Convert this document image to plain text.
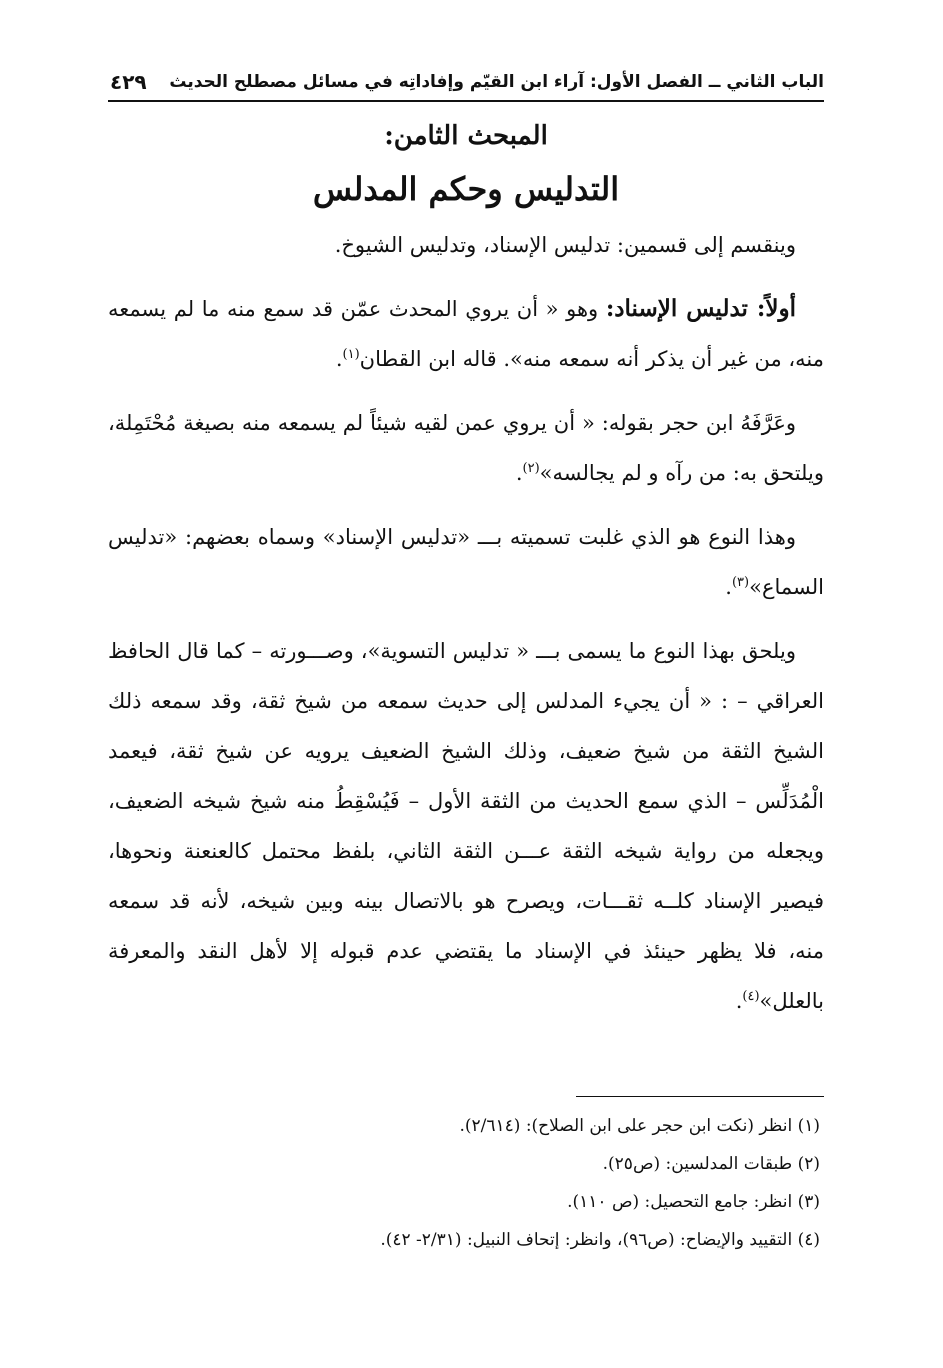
الباب الثاني ــ الفصل الأول: آراء ابن القيّم وإفاداتِه في مسائل مصطلح الحديث
٤٢٩
المبحث الثامن:
التدليس وحكم المدلس

وينقسم إلى قسمين: تدليس الإسناد، وتدليس الشيوخ.

أولاً: تدليس الإسناد: وهو « أن يروي المحدث عمّن قد سمع منه ما لم يسمعه منه، من غير أن يذكر أنه سمعه منه». قاله ابن القطان$^{(١)}$.

وعَرَّفَهُ ابن حجر بقوله: « أن يروي عمن لقيه شيئاً لم يسمعه منه بصيغة مُحْتَمِلة، ويلتحق به: من رآه و لم يجالسه»$^{(٢)}$.

وهذا النوع هو الذي غلبت تسميته بـــ «تدليس الإسناد» وسماه بعضهم: «تدليس السماع»$^{(٣)}$.

ويلحق بهذا النوع ما يسمى بـــ « تدليس التسوية»، وصـــورته – كما قال الحافظ العراقي – : « أن يجيء المدلس إلى حديث سمعه من شيخ ثقة، وقد سمعه ذلك الشيخ الثقة من شيخ ضعيف، وذلك الشيخ الضعيف يرويه عن شيخ ثقة، فيعمد الْمُدَلِّس – الذي سمع الحديث من الثقة الأول – فَيُسْقِطُ منه شيخ شيخه الضعيف، ويجعله من رواية شيخه الثقة عـــن الثقة الثاني، بلفظ محتمل كالعنعنة ونحوها، فيصير الإسناد كلــه ثقـــات، ويصرح هو بالاتصال بينه وبين شيخه، لأنه قد سمعه منه، فلا يظهر حينئذ في الإسناد ما يقتضي عدم قبوله إلا لأهل النقد والمعرفة بالعلل»$^{(٤)}$.

(١) انظر (نكت ابن حجر على ابن الصلاح): (٢/٦١٤).

(٢) طبقات المدلسين: (ص٢٥).

(٣) انظر: جامع التحصيل: (ص ١١٠).

(٤) التقييد والإيضاح: (ص٩٦)، وانظر: إتحاف النبيل: (٢/٣١- ٤٢).
